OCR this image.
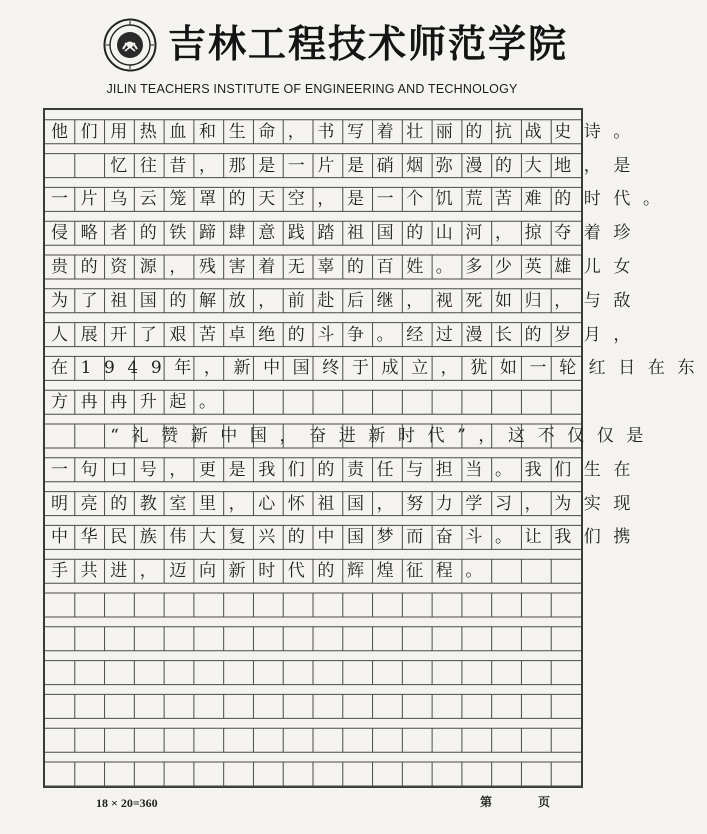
吉林工程技术师范学院
JILIN TEACHERS INSTITUTE OF ENGINEERING AND TECHNOLOGY
他们用热血和生命，书写着壮丽的抗战史诗。
　　忆往昔，那是一片是硝烟弥漫的大地，是
一片乌云笼罩的天空，是一个饥荒苦难的时代。
侵略者的铁蹄肆意践踏祖国的山河，掠夺着珍
贵的资源，残害着无辜的百姓。多少英雄儿女
为了祖国的解放，前赴后继，视死如归，与敌
人展开了艰苦卓绝的斗争。经过漫长的岁月，
在1949年，新中国终于成立，犹如一轮红日在东
方冉冉升起。
　　“礼赞新中国，奋进新时代”，这不仅仅是
一句口号，更是我们的责任与担当。我们生在
明亮的教室里，心怀祖国，努力学习，为实现
中华民族伟大复兴的中国梦而奋斗。让我们携
手共进，迈向新时代的辉煌征程。
18 × 20=360	第	页
